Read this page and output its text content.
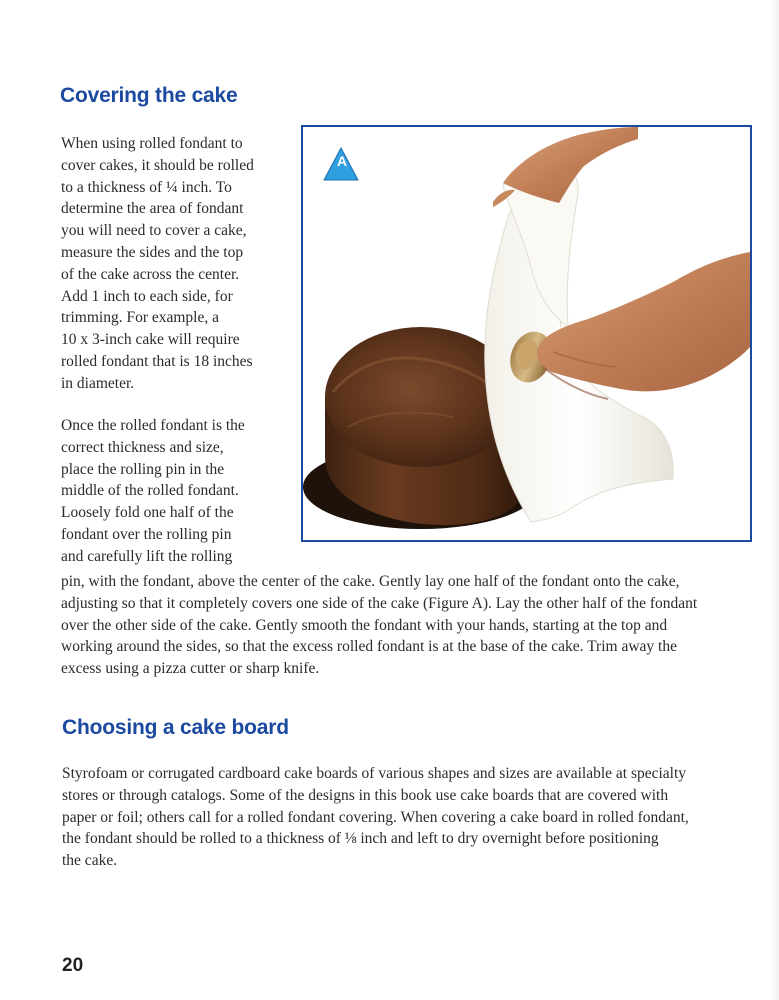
Covering the cake

When using rolled fondant to
cover cakes, it should be rolled
to a thickness of ¼ inch. To
determine the area of fondant
you will need to cover a cake,
measure the sides and the top
of the cake across the center.
Add 1 inch to each side, for
trimming. For example, a
10 x 3-inch cake will require
rolled fondant that is 18 inches
in diameter.

Once the rolled fondant is the
correct thickness and size,
place the rolling pin in the
middle of the rolled fondant.
Loosely fold one half of the
fondant over the rolling pin
and carefully lift the rolling

pin, with the fondant, above the center of the cake. Gently lay one half of the fondant onto the cake,
adjusting so that it completely covers one side of the cake (Figure A). Lay the other half of the fondant
over the other side of the cake. Gently smooth the fondant with your hands, starting at the top and
working around the sides, so that the excess rolled fondant is at the base of the cake. Trim away the
excess using a pizza cutter or sharp knife.

A

Choosing a cake board

Styrofoam or corrugated cardboard cake boards of various shapes and sizes are available at specialty
stores or through catalogs. Some of the designs in this book use cake boards that are covered with
paper or foil; others call for a rolled fondant covering. When covering a cake board in rolled fondant,
the fondant should be rolled to a thickness of ⅛ inch and left to dry overnight before positioning
the cake.

20
